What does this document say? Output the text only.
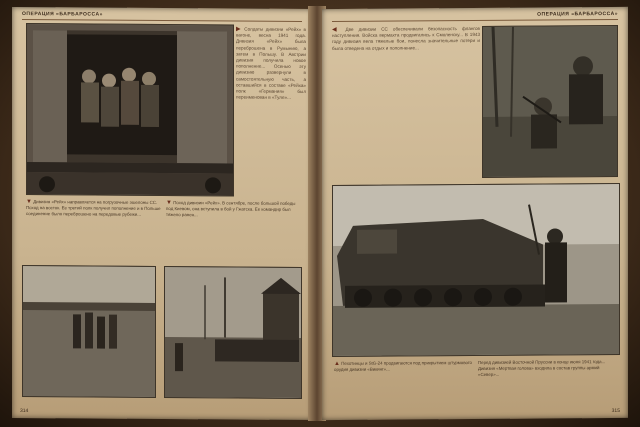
ОПЕРАЦИЯ «БАРБАРОССА»
▶ Солдаты дивизии «Рейх» в вагоне, весна 1941 года. Дивизия «Рейх» была переброшена в Румынию, а затем в Польшу. В Австрии дивизия получила новое пополнение... Осенью эту дивизию развернули в самостоятельную часть, а оставшийся в составе «Рейха» полк «Германия» был переименован в «Туле»...
▼ Дивизия «Рейх» направляется на погрузочные эшелоны СС. Поход на восток. Ее третий полк получил пополнение и в Польше соединение было переброшено на передовые рубежи...
▼ Поход дивизии «Рейх». В сентябре, после большой победы под Киевом, она вступила в бой у Гжатска. Ее командир был тяжело ранен...
314
ОПЕРАЦИЯ «БАРБАРОССА»
◀ Две дивизии СС обеспечивали безопасность флангов наступления. Войска вермахта продвигались к Смоленску... В 1943 году дивизия вела тяжелые бои, понесла значительные потери и была отведена на отдых и пополнение...
▲ Пехотинцы и StG-24 продвигаются под прикрытием штурмового орудия дивизии «Викинг»...
Перед дивизией Восточной Пруссии в конце июня 1941 года... Дивизия «Мертвая голова» входила в состав группы армий «Север»...
315
